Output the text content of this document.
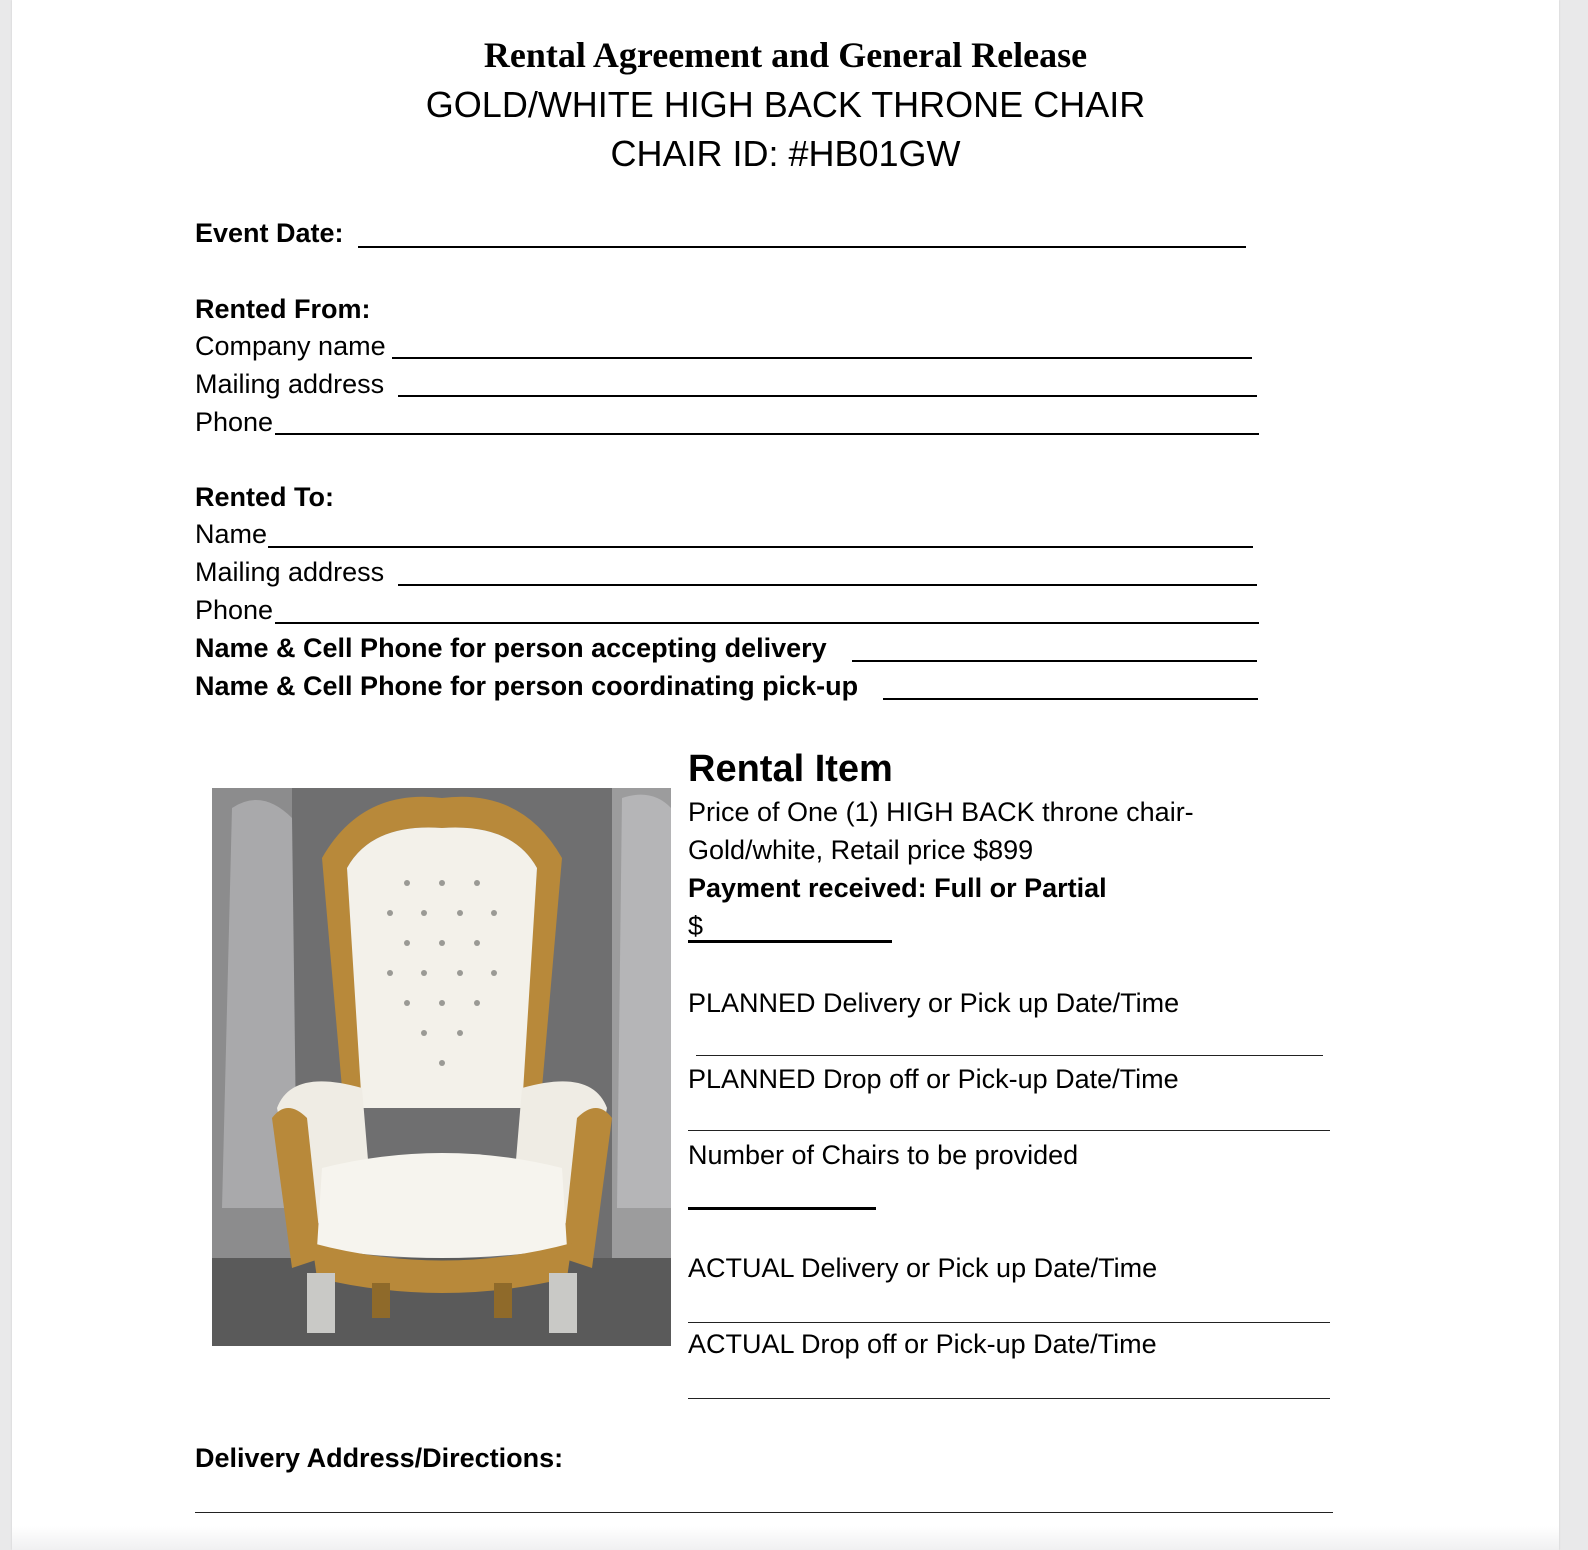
Rental Agreement and General Release
GOLD/WHITE HIGH BACK THRONE CHAIR
CHAIR ID: #HB01GW
Event Date:
Rented From:
Company name
Mailing address
Phone
Rented To:
Name
Mailing address
Phone
Name & Cell Phone for person accepting delivery
Name & Cell Phone for person coordinating pick-up
Rental Item
Price of One (1) HIGH BACK throne chair-
Gold/white, Retail price $899
Payment received: Full or Partial
$
PLANNED Delivery or Pick up Date/Time
PLANNED Drop off or Pick-up Date/Time
Number of Chairs to be provided
ACTUAL Delivery or Pick up Date/Time
ACTUAL Drop off or Pick-up Date/Time
Delivery Address/Directions:
